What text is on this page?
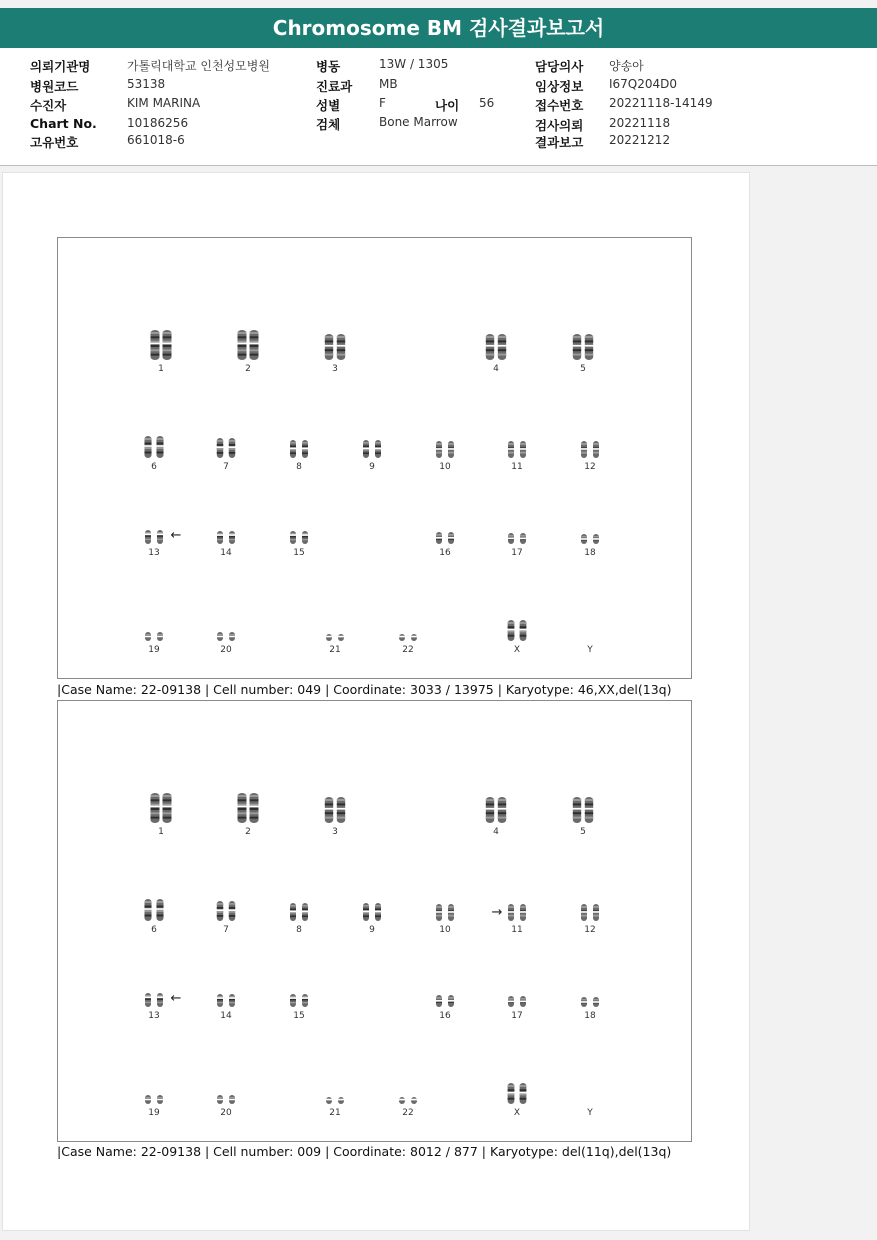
Chromosome BM 검사결과보고서
의뢰기관명	가톨릭대학교 인천성모병원
병원코드	53138
수진자	KIM MARINA
Chart No.	10186256
고유번호	661018-6
병동	13W / 1305
진료과 MB
성별	F	나이 56
검체	Bone Marrow
담당의사 양송아
임상정보 I67Q204D0
접수번호 20221118-14149
검사의뢰 20221118
결과보고 20221212
1	2	3	4	5
6	7	8	9	10	11	12
13	14	15	16	17	18
19	20	21	22	X	Y
←
|Case Name: 22-09138 | Cell number: 049 | Coordinate: 3033 / 13975 | Karyotype: 46,XX,del(13q)
1	2	3	4	5
6	7	8	9	10	11	12
13	14	15	16	17	18
19	20	21	22	X	Y
→
←
|Case Name: 22-09138 | Cell number: 009 | Coordinate: 8012 / 877 | Karyotype: del(11q),del(13q)
